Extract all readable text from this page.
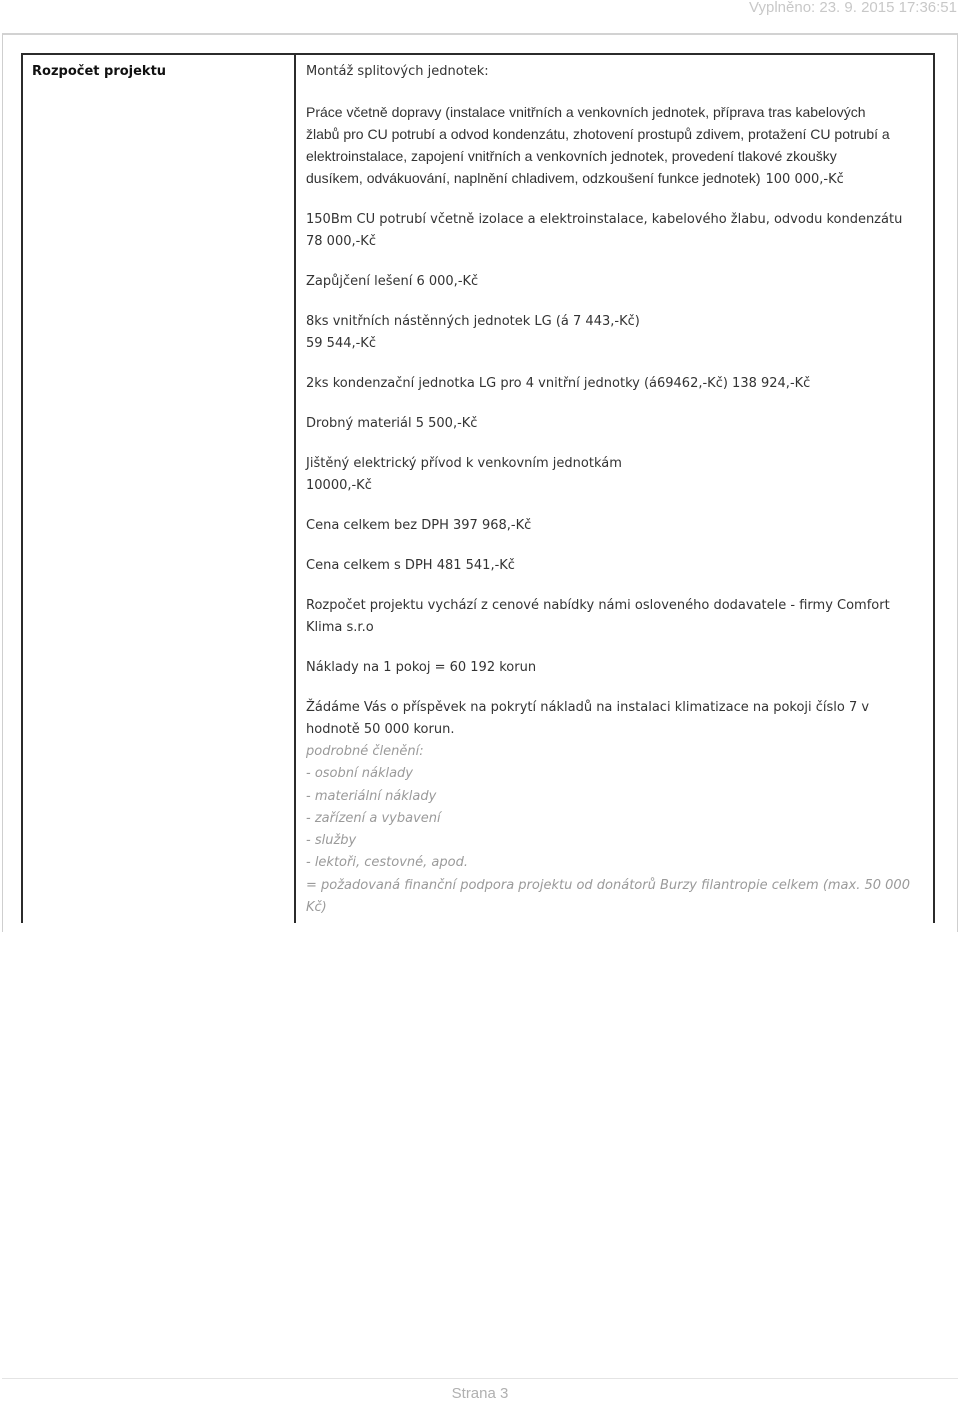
Vyplněno: 23. 9. 2015 17:36:51
Rozpočet projektu	Montáž splitových jednotek:
Práce včetně dopravy (instalace vnitřních a venkovních jednotek, příprava tras kabelových
žlabů pro CU potrubí a odvod kondenzátu, zhotovení prostupů zdivem, protažení CU potrubí a
elektroinstalace, zapojení vnitřních a venkovních jednotek, provedení tlakové zkoušky
dusíkem, odvákuování, naplnění chladivem, odzkoušení funkce jednotek) 100 000,-Kč
150Bm CU potrubí včetně izolace a elektroinstalace, kabelového žlabu, odvodu kondenzátu
78 000,-Kč
Zapůjčení lešení 6 000,-Kč
8ks vnitřních nástěnných jednotek LG (á 7 443,-Kč)
59 544,-Kč
2ks kondenzační jednotka LG pro 4 vnitřní jednotky (á69462,-Kč) 138 924,-Kč
Drobný materiál 5 500,-Kč
Jištěný elektrický přívod k venkovním jednotkám
10000,-Kč
Cena celkem bez DPH 397 968,-Kč
Cena celkem s DPH 481 541,-Kč
Rozpočet projektu vychází z cenové nabídky námi osloveného dodavatele - firmy Comfort
Klima s.r.o
Náklady na 1 pokoj = 60 192 korun
Žádáme Vás o příspěvek na pokrytí nákladů na instalaci klimatizace na pokoji číslo 7 v
hodnotě 50 000 korun.
podrobné členění:
- osobní náklady
- materiální náklady
- zařízení a vybavení
- služby
- lektoři, cestovné, apod.
= požadovaná finanční podpora projektu od donátorů Burzy filantropie celkem (max. 50 000
Kč)
Strana 3
